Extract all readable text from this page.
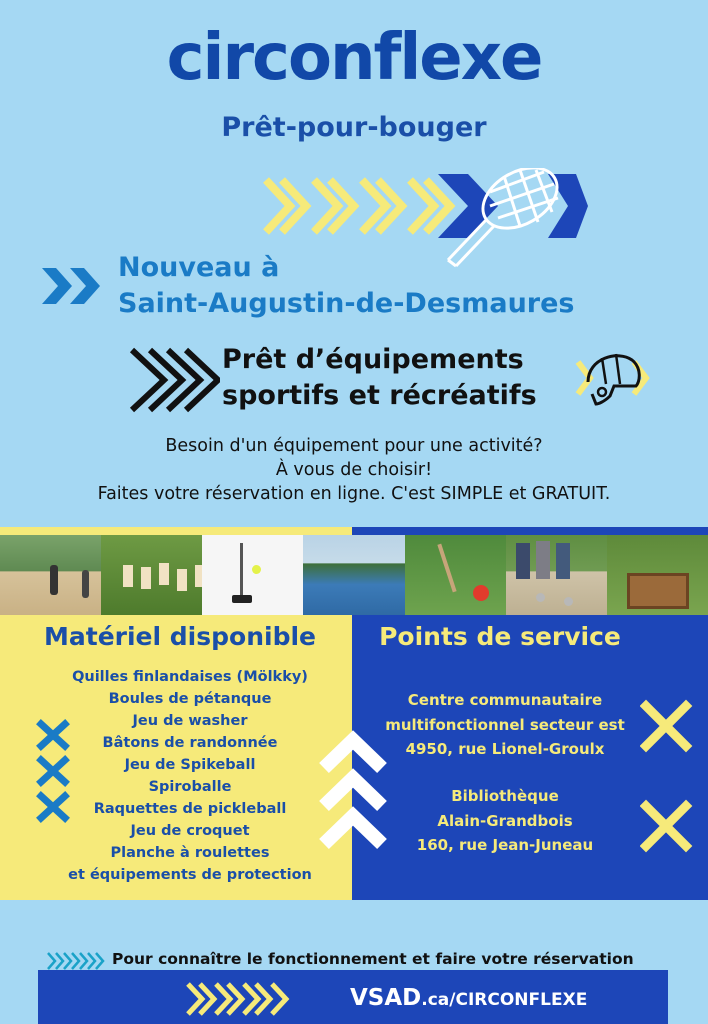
circonflexe
Prêt-pour-bouger
Nouveau à
Saint-Augustin-de-Desmaures
Prêt d’équipements
sportifs et récréatifs
Besoin d'un équipement pour une activité?
À vous de choisir!
Faites votre réservation en ligne. C'est SIMPLE et GRATUIT.
Matériel disponible	Points de service
Quilles finlandaises (Mölkky)
Boules de pétanque
Jeu de washer
Bâtons de randonnée
Jeu de Spikeball
Spiroballe
Raquettes de pickleball
Jeu de croquet
Planche à roulettes
et équipements de protection
Centre communautaire
multifonctionnel secteur est
4950, rue Lionel-Groulx
Bibliothèque
Alain-Grandbois
160, rue Jean-Juneau
Pour connaître le fonctionnement et faire votre réservation
VSAD.ca/CIRCONFLEXE
